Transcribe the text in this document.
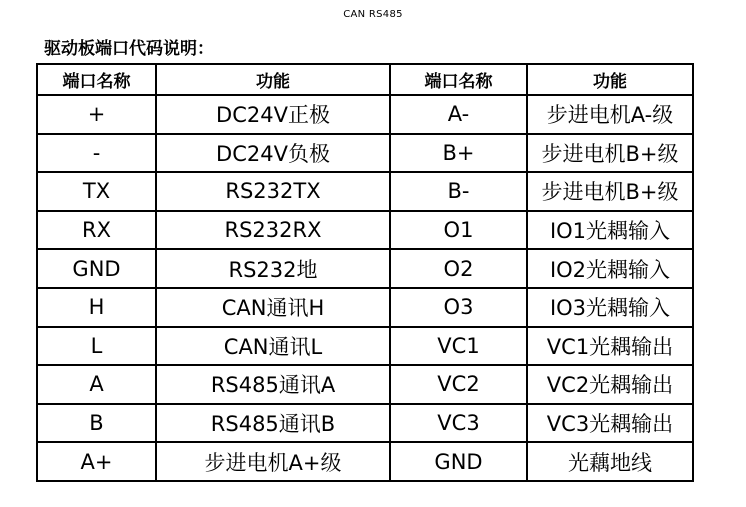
CAN RS485
驱动板端口代码说明：
端口名称	功能	端口名称	功能
+	DC24V正极	A-	步进电机A-级
-	DC24V负极	B+	步进电机B+级
TX	RS232TX	B-	步进电机B+级
RX	RS232RX	O1	IO1光耦输入
GND	RS232地	O2	IO2光耦输入
H	CAN通讯H	O3	IO3光耦输入
L	CAN通讯L	VC1	VC1光耦输出
A	RS485通讯A	VC2	VC2光耦输出
B	RS485通讯B	VC3	VC3光耦输出
A+	步进电机A+级	GND	光藕地线
